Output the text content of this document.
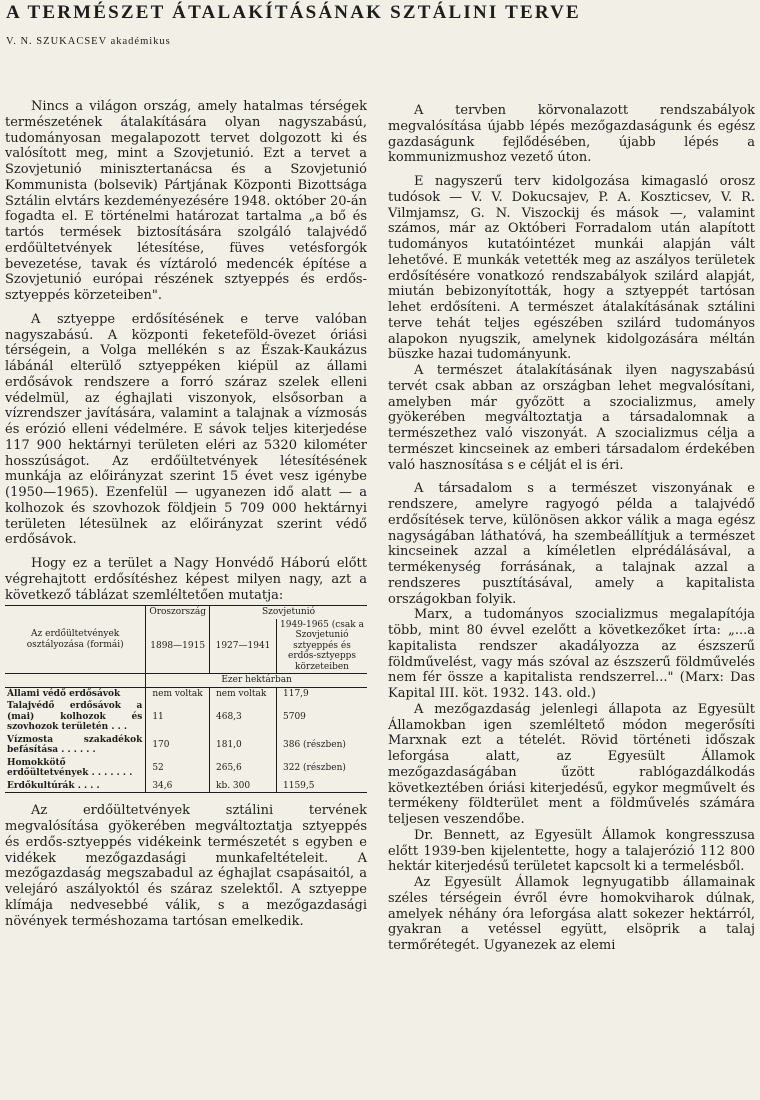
A TERMÉSZET ÁTALAKÍTÁSÁNAK SZTÁLINI TERVE
V. N. SZUKACSEV akadémikus

Nincs a világon ország, amely hatalmas térségek természetének átalakítására olyan nagyszabású, tudományosan megalapozott tervet dolgozott ki és valósított meg, mint a Szovjetunió. Ezt a tervet a Szovjetunió minisztertanácsa és a Szovjetunió Kommunista (bolsevik) Pártjának Központi Bizottsága Sztálin elvtárs kezdeményezésére 1948. október 20-án fogadta el. E történelmi határozat tartalma „a bő és tartós termések biztosítására szolgáló talajvédő erdőültetvények létesítése, füves vetésforgók bevezetése, tavak és víztároló medencék építése a Szovjetunió európai részének sztyeppés és erdős-sztyeppés körzeteiben".

A sztyeppe erdősítésének e terve valóban nagyszabású. A központi feketeföld-övezet óriási térségein, a Volga mellékén s az Észak-Kaukázus lábánál elterülő sztyeppéken kiépül az állami erdősávok rendszere a forró száraz szelek elleni védelmül, az éghajlati viszonyok, elsősorban a vízrendszer javítására, valamint a talajnak a vízmosás és erózió elleni védelmére. E sávok teljes kiterjedése 117 900 hektárnyi területen eléri az 5320 kilométer hosszúságot. Az erdőültetvények létesítésének munkája az előirányzat szerint 15 évet vesz igénybe (1950—1965). Ezenfelül — ugyanezen idő alatt — a kolhozok és szovhozok földjein 5 709 000 hektárnyi területen létesülnek az előirányzat szerint védő erdősávok.

Hogy ez a terület a Nagy Honvédő Háború előtt végrehajtott erdősítéshez képest milyen nagy, azt a következő táblázat szemléltetően mutatja:

Az erdőültetvények osztályozása (formái)	Oroszország	Szovjetunió	
	1898—1915	1927—1941	1949-1965 (csak a Szovjetunió sztyeppés és erdős-sztyepps körzeteiben
	Ezer hektárban		
Állami védő erdősávok	nem voltak	nem voltak	117,9
Talajvédő erdősávok a (mai) kolhozok és szovhozok területén . . .	11	468,3	5709
Vízmosta szakadékok befásítása . . . . . .	170	181,0	386 (részben)
Homokkötő erdőültetvények . . . . . . .	52	265,6	322 (részben)
Erdőkultúrák . . . .	34,6	kb. 300	1159,5

Az erdőültetvények sztálini tervének megvalósítása gyökerében megváltoztatja sztyeppés és erdős-sztyeppés vidékeink természetét s egyben e vidékek mezőgazdasági munkafeltételeit. A mezőgazdaság megszabadul az éghajlat csapásaitól, a velejáró aszályoktól és száraz szelektől. A sztyeppe klímája nedvesebbé válik, s a mezőgazdasági növények terméshozama tartósan emelkedik.

A tervben körvonalazott rendszabályok megvalósítása újabb lépés mezőgazdaságunk és egész gazdaságunk fejlődésében, újabb lépés a kommunizmushoz vezető úton.

E nagyszerű terv kidolgozása kimagasló orosz tudósok — V. V. Dokucsajev, P. A. Koszticsev, V. R. Vilmjamsz, G. N. Viszockij és mások —, valamint számos, már az Októberi Forradalom után alapított tudományos kutatóintézet munkái alapján vált lehetővé. E munkák vetették meg az aszályos területek erdősítésére vonatkozó rendszabályok szilárd alapját, miután bebizonyították, hogy a sztyeppét tartósan lehet erdősíteni. A természet átalakításának sztálini terve tehát teljes egészében szilárd tudományos alapokon nyugszik, amelynek kidolgozására méltán büszke hazai tudományunk.

A természet átalakításának ilyen nagyszabású tervét csak abban az országban lehet megvalósítani, amelyben már győzött a szocializmus, amely gyökerében megváltoztatja a társadalomnak a természethez való viszonyát. A szocializmus célja a természet kincseinek az emberi társadalom érdekében való hasznosítása s e célját el is éri.

A társadalom s a természet viszonyának e rendszere, amelyre ragyogó példa a talajvédő erdősítések terve, különösen akkor válik a maga egész nagyságában láthatóvá, ha szembeállítjuk a természet kincseinek azzal a kíméletlen elpréd​álásával, a termékenység forrásának, a talajnak azzal a rendszeres pusztításával, amely a kapitalista országokban folyik.

Marx, a tudományos szocializmus megalapítója több, mint 80 évvel ezelőtt a következőket írta: „...a kapitalista rendszer akadályozza az észszerű földművelést, vagy más szóval az észszerű földművelés nem fér össze a kapitalista rendszerrel..." (Marx: Das Kapital III. köt. 1932. 143. old.)

A mezőgazdaság jelenlegi állapota az Egyesült Államokban igen szemléltető módon megerősíti Marxnak ezt a tételét. Rövid történeti időszak leforgása alatt, az Egyesült Államok mezőgazdaságában űzött rablógazdálkodás következtében óriási kiterjedésű, egykor megművelt és termékeny földterület ment a földművelés számára teljesen veszendőbe.

Dr. Bennett, az Egyesült Államok kongresszusa előtt 1939-ben kijelentette, hogy a talajerózió 112 800 hektár kiterjedésű területet kapcsolt ki a termelésből.

Az Egyesült Államok legnyugatibb államainak széles térségein évről évre homokviharok dúlnak, amelyek néhány óra leforgása alatt sokezer hektárról, gyakran a vetéssel együtt, elsöprik a talaj termőrétegét. Ugyanezek az elemi
